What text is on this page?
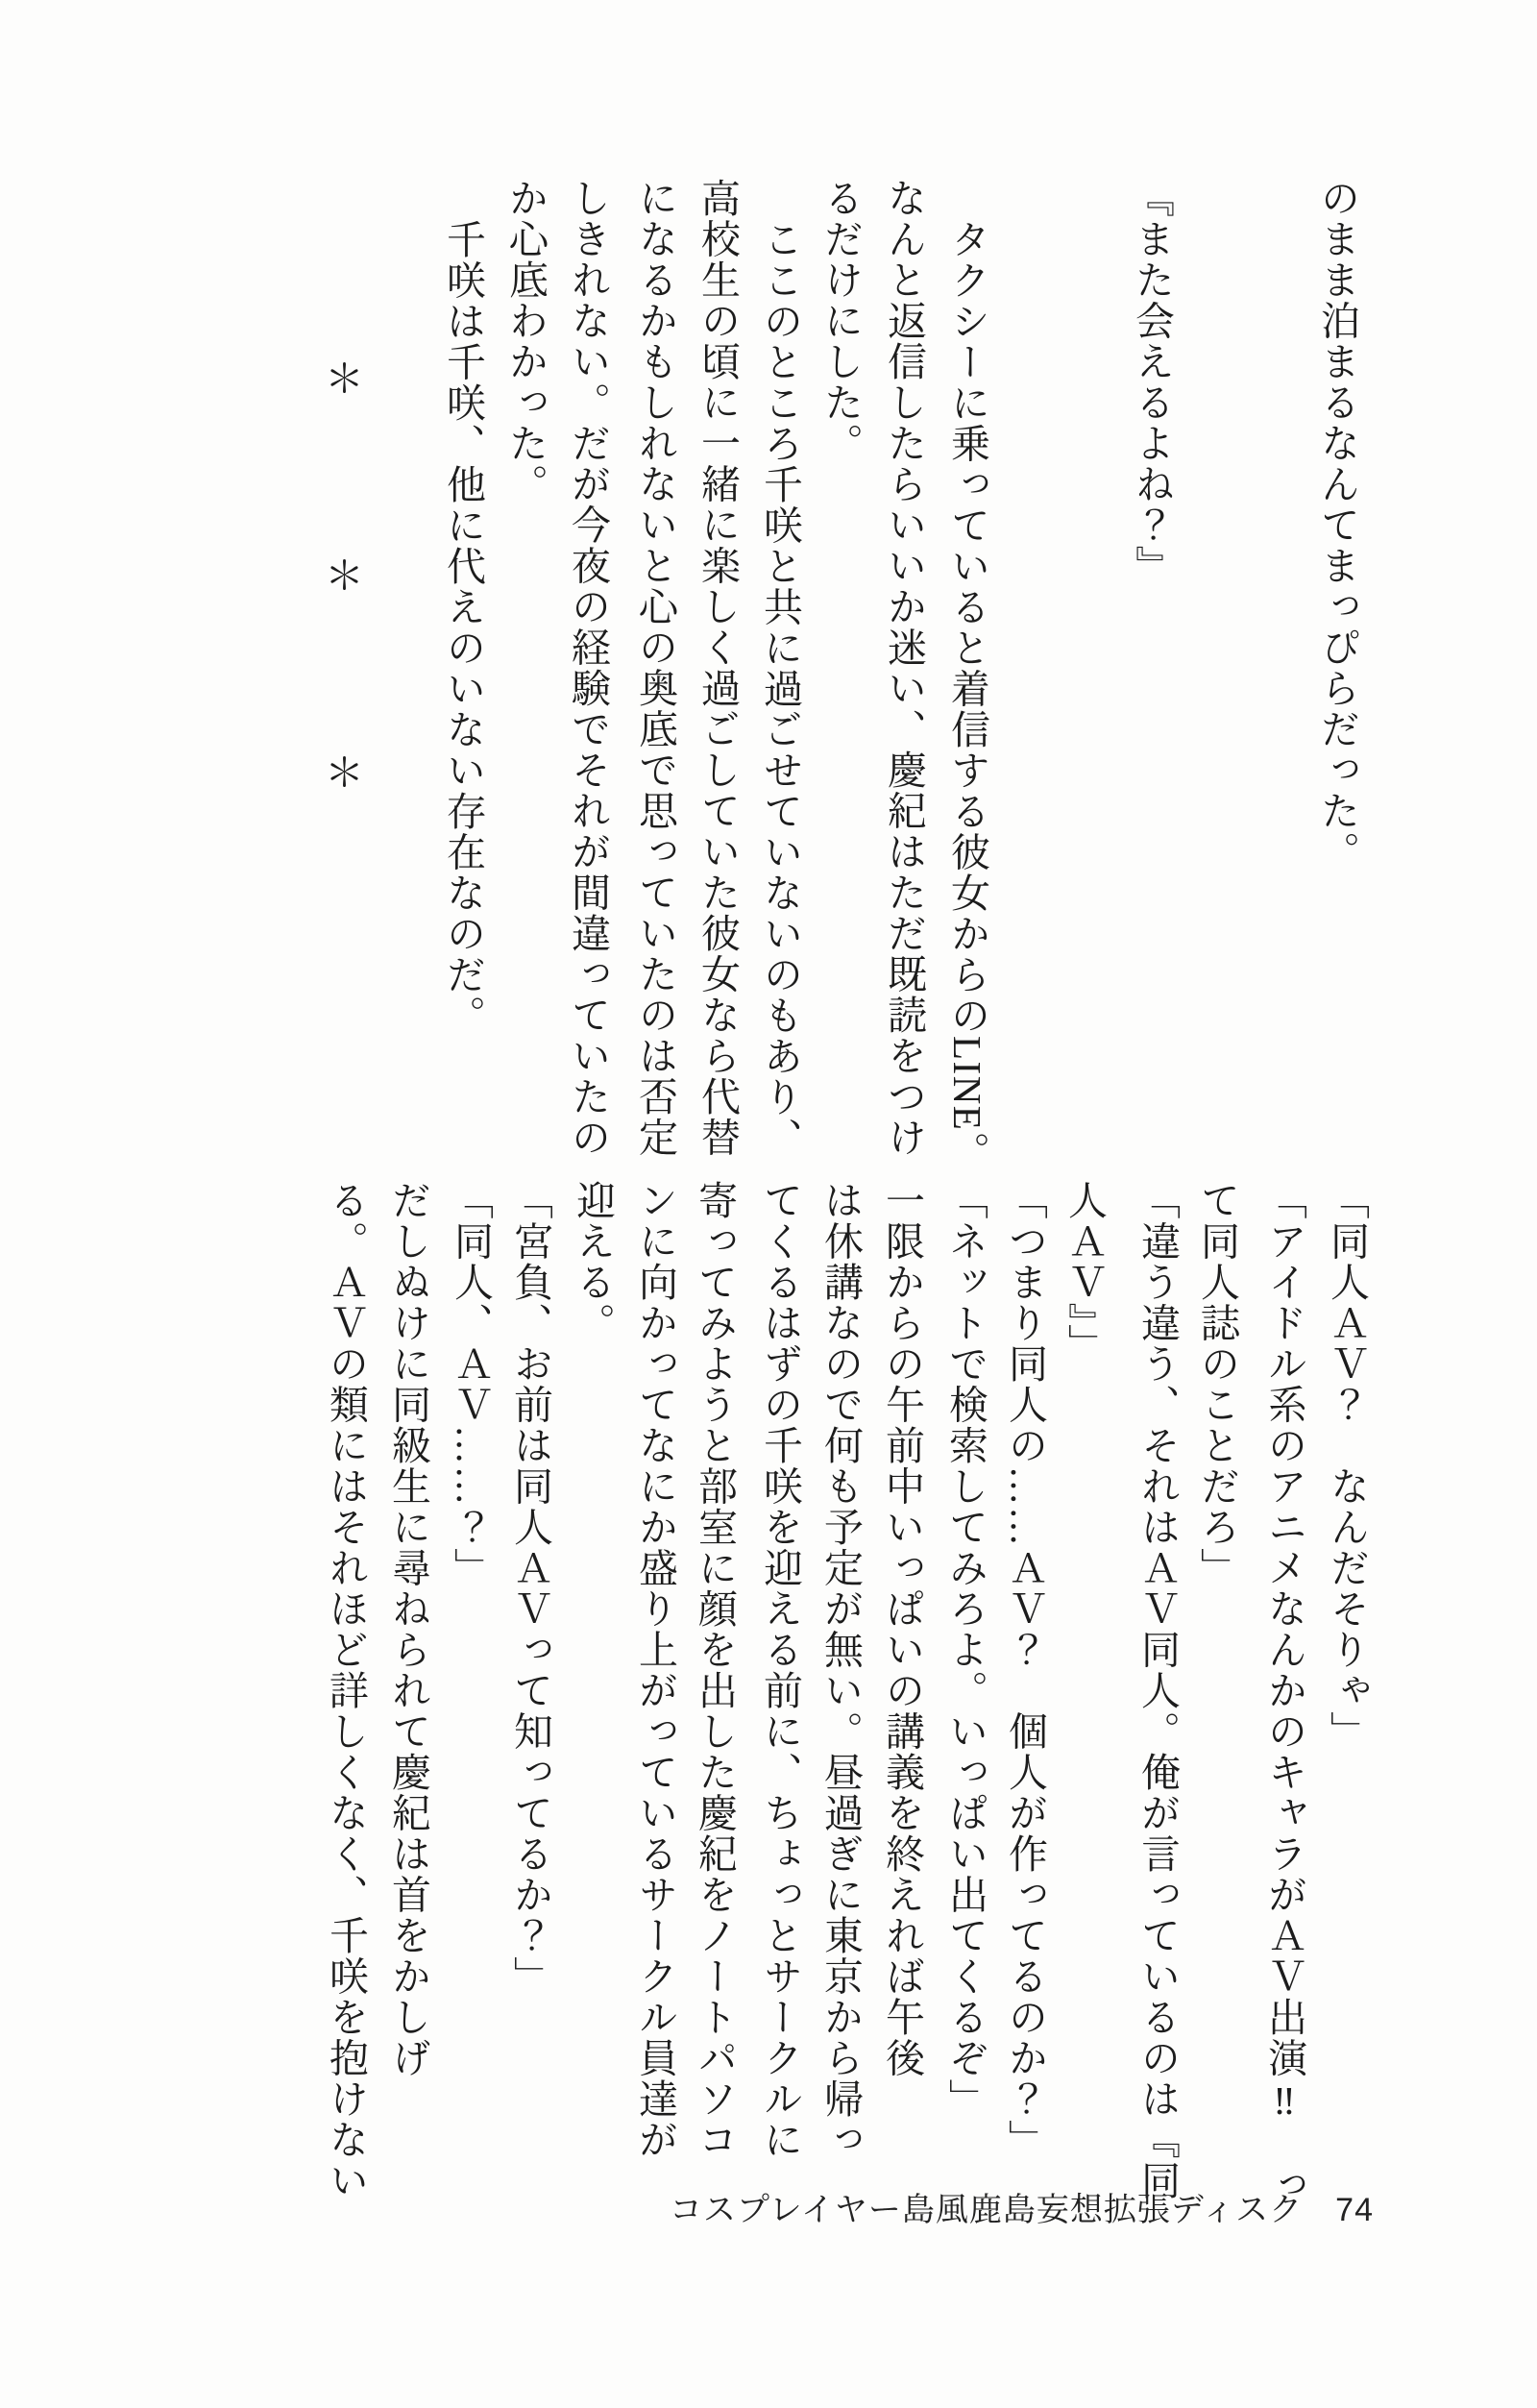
のまま泊まるなんてまっぴらだった。
『また会えるよね？』
タクシーに乗っていると着信する彼女からのLINE。
なんと返信したらいいか迷い、慶紀はただ既読をつけ
るだけにした。
ここのところ千咲と共に過ごせていないのもあり、
高校生の頃に一緒に楽しく過ごしていた彼女なら代替
になるかもしれないと心の奥底で思っていたのは否定
しきれない。だが今夜の経験でそれが間違っていたの
か心底わかった。
千咲は千咲、他に代えのいない存在なのだ。
＊　　　　＊　　　　＊
「同人ＡＶ？　なんだそりゃ」
「アイドル系のアニメなんかのキャラがＡＶ出演‼　っ
て同人誌のことだろ」
「違う違う、それはＡＶ同人。俺が言っているのは『同
人ＡＶ』」
「つまり同人の……ＡＶ？　個人が作ってるのか？」
「ネットで検索してみろよ。いっぱい出てくるぞ」
一限からの午前中いっぱいの講義を終えれば午後
は休講なので何も予定が無い。昼過ぎに東京から帰っ
てくるはずの千咲を迎える前に、ちょっとサークルに
寄ってみようと部室に顔を出した慶紀をノートパソコ
ンに向かってなにか盛り上がっているサークル員達が
迎える。
「宮負、お前は同人ＡＶって知ってるか？」
「同人、ＡＶ……？」
だしぬけに同級生に尋ねられて慶紀は首をかしげ
る。ＡＶの類にはそれほど詳しくなく、千咲を抱けない
コスプレイヤー島風鹿島妄想拡張ディスク 74
